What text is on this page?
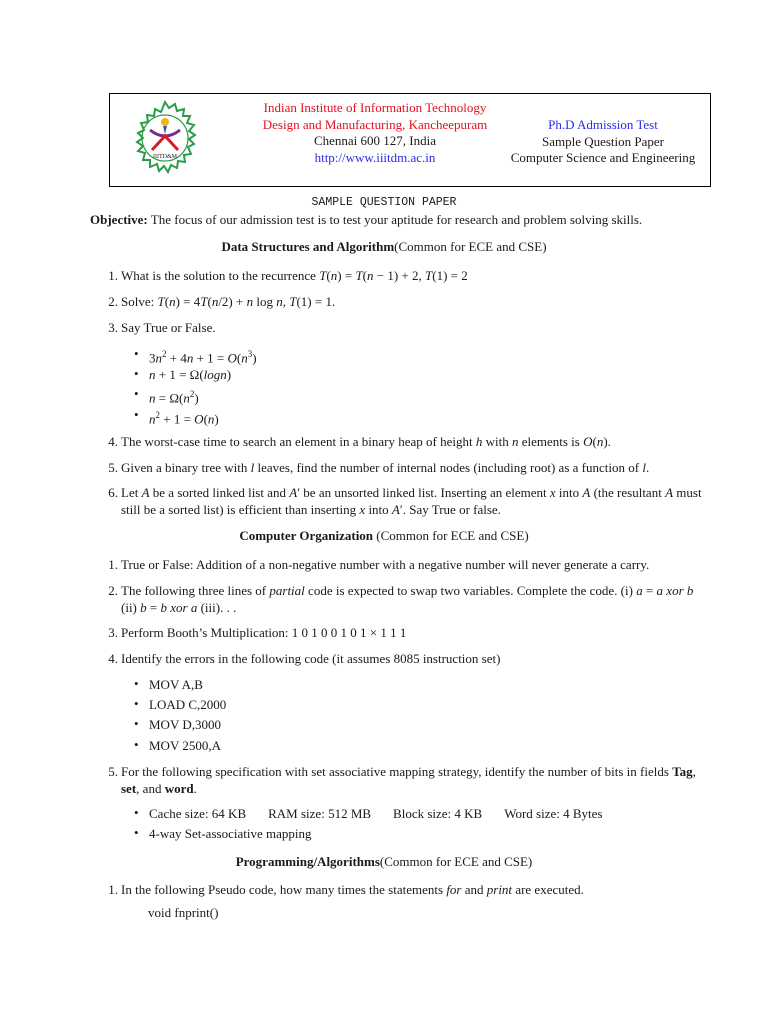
IIITD&M
·····
Indian Institute of Information Technology
Design and Manufacturing, Kancheepuram
Chennai 600 127, India
http://www.iiitdm.ac.in
Ph.D Admission Test
Sample Question Paper
Computer Science and Engineering
SAMPLE QUESTION PAPER
Objective: The focus of our admission test is to test your aptitude for research and problem solving skills.
Data Structures and Algorithm(Common for ECE and CSE)
1. What is the solution to the recurrence T(n) = T(n − 1) + 2, T(1) = 2
2. Solve: T(n) = 4T(n/2) + n log n, T(1) = 1.
3. Say True or False.
• $3n^2 + 4n + 1 = O(n^3)$
• n + 1 = Ω(logn)
• $n = \Omega(n^2)$
• $n^2 + 1 = O(n)$
4. The worst-case time to search an element in a binary heap of height h with n elements is O(n).
5. Given a binary tree with l leaves, find the number of internal nodes (including root) as a function of l.
6. Let A be a sorted linked list and A′ be an unsorted linked list. Inserting an element x into A (the resultant A must still be a sorted list) is efficient than inserting x into A′. Say True or false.
Computer Organization (Common for ECE and CSE)
1. True or False: Addition of a non-negative number with a negative number will never generate a carry.
2. The following three lines of partial code is expected to swap two variables. Complete the code. (i) a = a xor b (ii) b = b xor a (iii). . .
3. Perform Booth’s Multiplication: 1 0 1 0 0 1 0 1 × 1 1 1
4. Identify the errors in the following code (it assumes 8085 instruction set)
• MOV A,B
• LOAD C,2000
• MOV D,3000
• MOV 2500,A
5. For the following specification with set associative mapping strategy, identify the number of bits in fields Tag, set, and word.
• Cache size: 64 KB RAM size: 512 MB Block size: 4 KB Word size: 4 Bytes
• 4-way Set-associative mapping
Programming/Algorithms(Common for ECE and CSE)
1. In the following Pseudo code, how many times the statements for and print are executed.
void fnprint()
